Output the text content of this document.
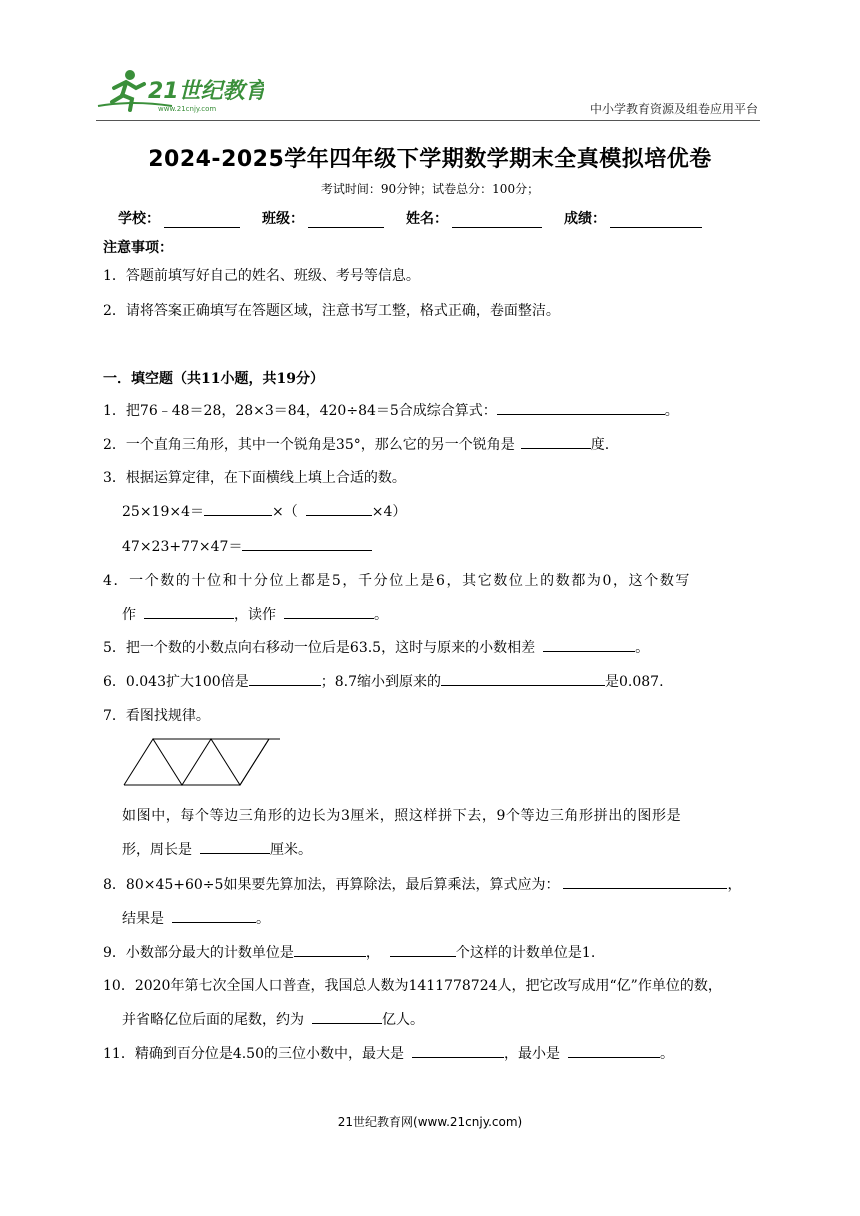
21世纪教育
www.21cnjy.com	中小学教育资源及组卷应用平台
2024-2025学年四年级下学期数学期末全真模拟培优卷
考试时间：90分钟；试卷总分：100分；
学校：	班级：	姓名：	成绩：
注意事项：
1．答题前填写好自己的姓名、班级、考号等信息。
2．请将答案正确填写在答题区域，注意书写工整，格式正确，卷面整洁。
一．填空题（共11小题，共19分）
1．把76﹣48＝28，28×3＝84，420÷84＝5合成综合算式：	。
2．一个直角三角形，其中一个锐角是35°，那么它的另一个锐角是	度.
3．根据运算定律，在下面横线上填上合适的数。
25×19×4＝	×（	×4）
47×23+77×47＝
4．一个数的十位和十分位上都是5，千分位上是6，其它数位上的数都为0，这个数写
作	，读作	。
5．把一个数的小数点向右移动一位后是63.5，这时与原来的小数相差	。
6．0.043扩大100倍是	；8.7缩小到原来的	是0.087.
7．看图找规律。
如图中，每个等边三角形的边长为3厘米，照这样拼下去，9个等边三角形拼出的图形是
形，周长是	厘米。
8．80×45+60÷5如果要先算加法，再算除法，最后算乘法，算式应为：	，
结果是	。
9．小数部分最大的计数单位是	，	个这样的计数单位是1.
10．2020年第七次全国人口普查，我国总人数为1411778724人，把它改写成用“亿”作单位的数，
并省略亿位后面的尾数，约为	亿人。
11．精确到百分位是4.50的三位小数中，最大是	，最小是	。
21世纪教育网(www.21cnjy.com)
